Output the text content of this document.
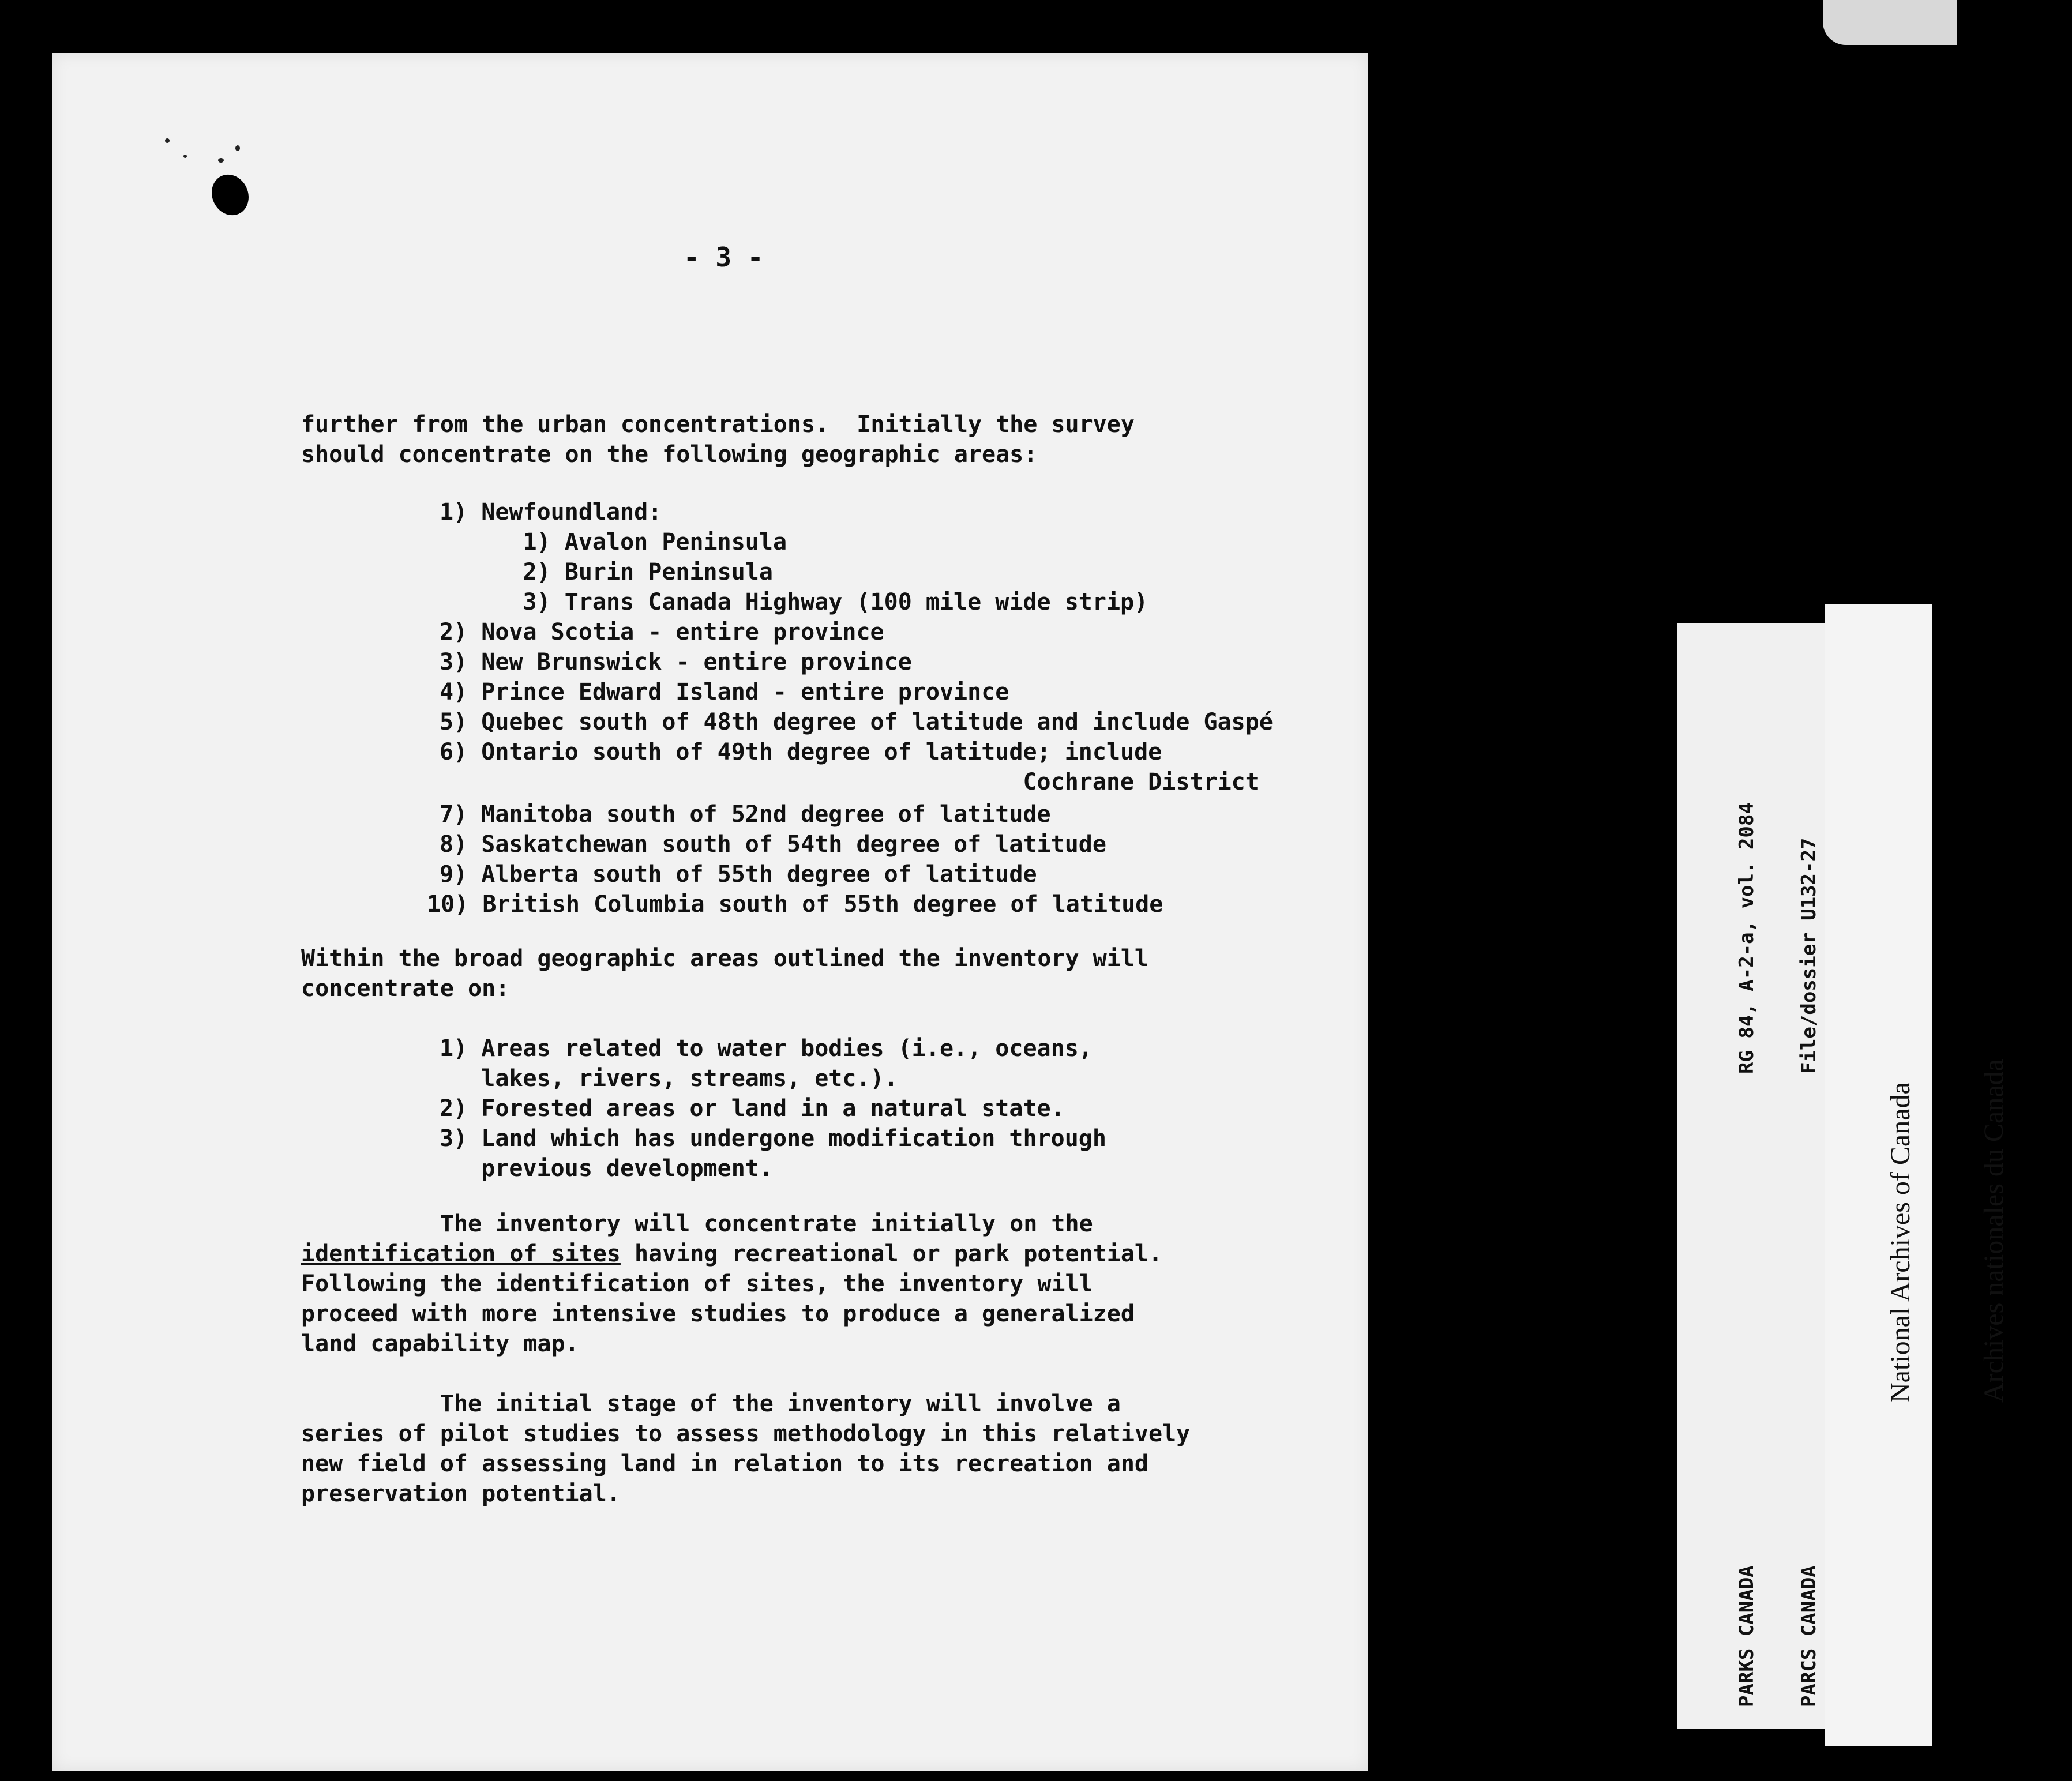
- 3 -
further from the urban concentrations.  Initially the survey
should concentrate on the following geographic areas:

1) Newfoundland:

1) Avalon Peninsula

2) Burin Peninsula

3) Trans Canada Highway (100 mile wide strip)

2) Nova Scotia - entire province

3) New Brunswick - entire province

4) Prince Edward Island - entire province

5) Quebec south of 48th degree of latitude and include Gaspé

6) Ontario south of 49th degree of latitude; include

Cochrane District

7) Manitoba south of 52nd degree of latitude

8) Saskatchewan south of 54th degree of latitude

9) Alberta south of 55th degree of latitude

10) British Columbia south of 55th degree of latitude

Within the broad geographic areas outlined the inventory will
concentrate on:

1) Areas related to water bodies (i.e., oceans,

lakes, rivers, streams, etc.).

2) Forested areas or land in a natural state.

3) Land which has undergone modification through

previous development.

The inventory will concentrate initially on the
identification of sites having recreational or park potential.
Following the identification of sites, the inventory will
proceed with more intensive studies to produce a generalized
land capability map.
The initial stage of the inventory will involve a
series of pilot studies to assess methodology in this relatively
new field of assessing land in relation to its recreation and
preservation potential.

PARKS CANADA

PARCS CANADA

RG 84, A-2-a, vol. 2084

File/dossier U132-27

National Archives of Canada

Archives nationales du Canada
